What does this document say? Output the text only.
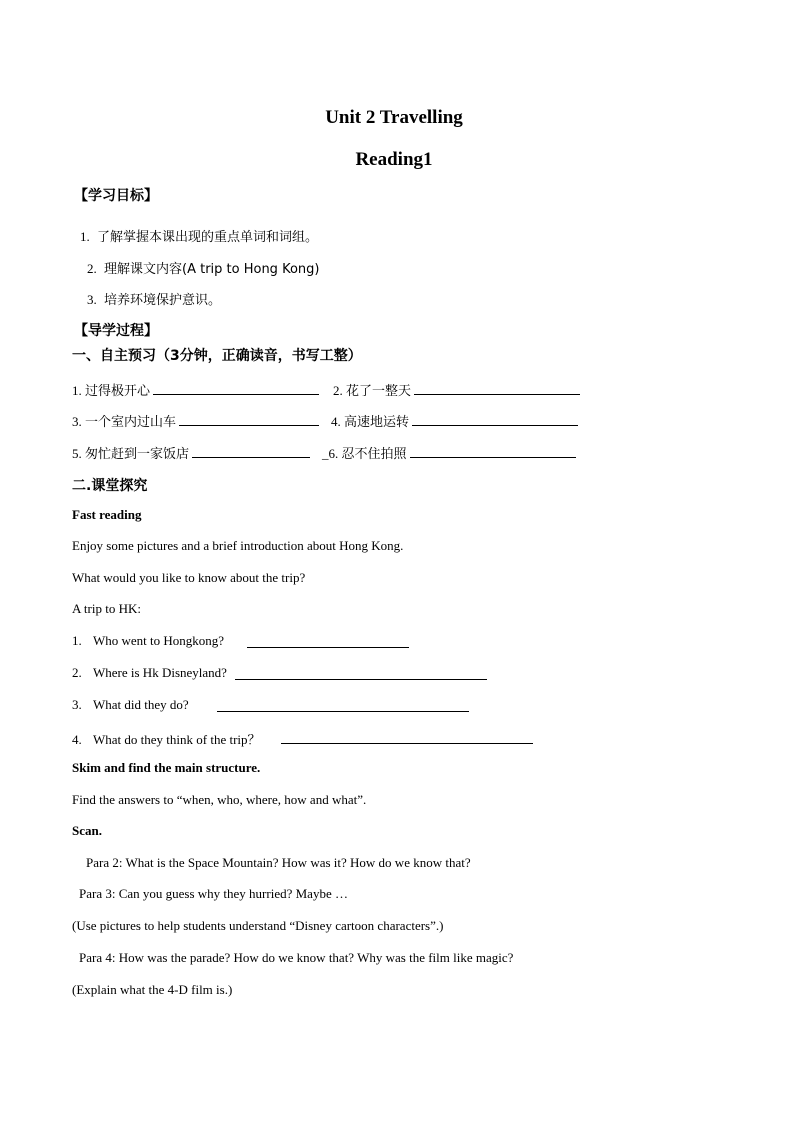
Unit 2 Travelling
Reading1
【学习目标】
1. 了解掌握本课出现的重点单词和词组。
2. 理解课文内容(A trip to Hong Kong)
3. 培养环境保护意识。
【导学过程】
一、自主预习（3分钟，正确读音，书写工整）
1. 过得极开心	2. 花了一整天
3. 一个室内过山车	4. 高速地运转
5. 匆忙赶到一家饭店	_6. 忍不住拍照
二.课堂探究
Fast reading
Enjoy some pictures and a brief introduction about Hong Kong.
What would you like to know about the trip?
A trip to HK:
1. Who went to Hongkong?
2. Where is Hk Disneyland?
3. What did they do?
4. What do they think of the trip？
Skim and find the main structure.
Find the answers to “when, who, where, how and what”.
Scan.
Para 2: What is the Space Mountain? How was it? How do we know that?
Para 3: Can you guess why they hurried? Maybe …
(Use pictures to help students understand “Disney cartoon characters”.)
Para 4: How was the parade? How do we know that? Why was the film like magic?
(Explain what the 4-D film is.)
